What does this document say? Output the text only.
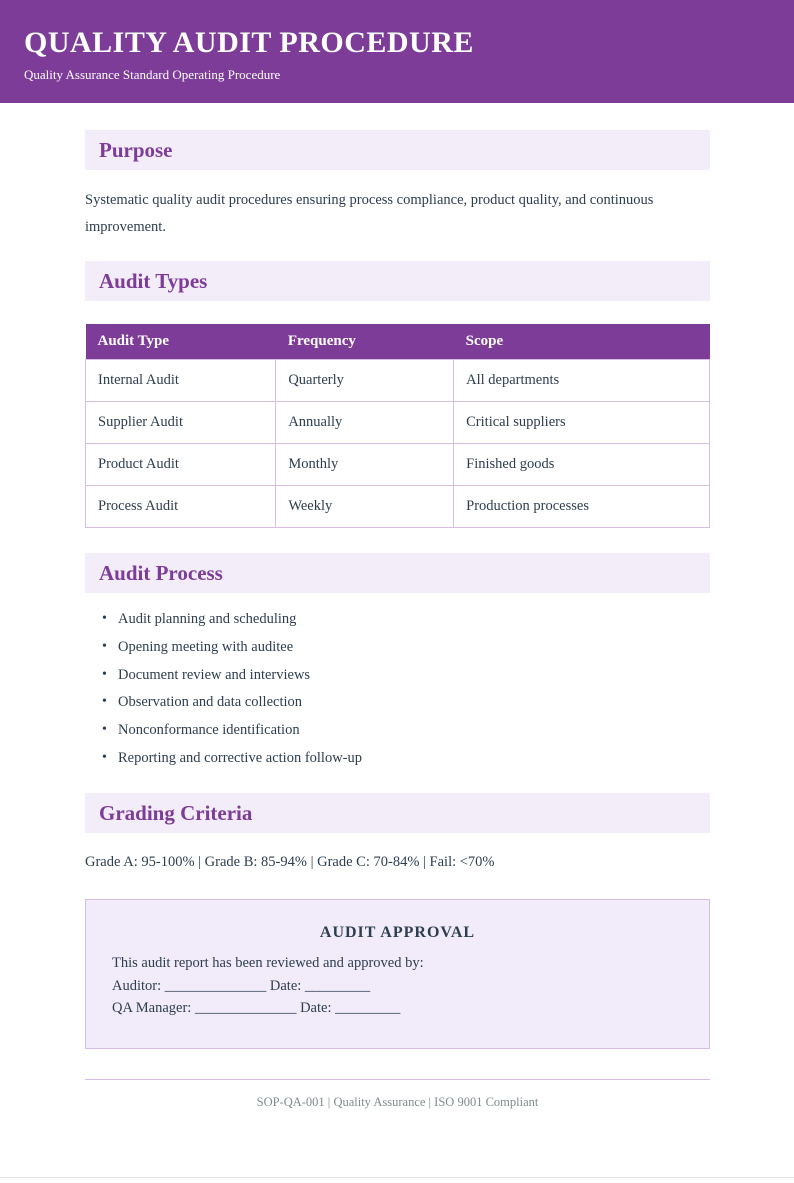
QUALITY AUDIT PROCEDURE
Quality Assurance Standard Operating Procedure
Purpose

Systematic quality audit procedures ensuring process compliance, product quality, and continuous improvement.

Audit Types
Audit Type	Frequency	Scope
Internal Audit	Quarterly	All departments
Supplier Audit	Annually	Critical suppliers
Product Audit	Monthly	Finished goods
Process Audit	Weekly	Production processes
Audit Process
• Audit planning and scheduling
• Opening meeting with auditee
• Document review and interviews
• Observation and data collection
• Nonconformance identification
• Reporting and corrective action follow-up
Grading Criteria

Grade A: 95-100% | Grade B: 85-94% | Grade C: 70-84% | Fail: <70%

AUDIT APPROVAL
This audit report has been reviewed and approved by:
Auditor: ______________ Date: _________
QA Manager: ______________ Date: _________
SOP-QA-001 | Quality Assurance | ISO 9001 Compliant
